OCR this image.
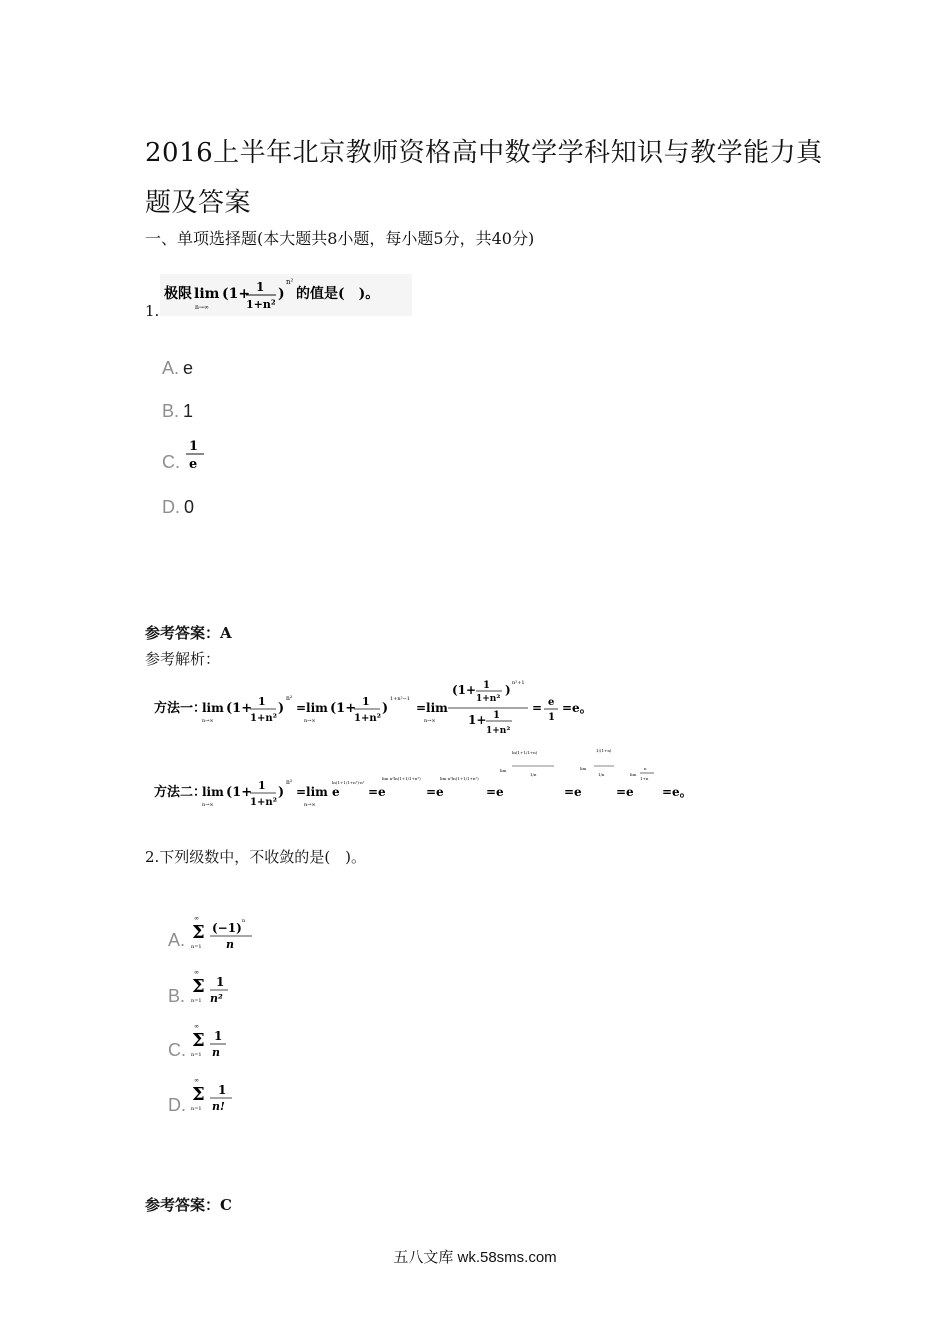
2016上半年北京教师资格高中数学学科知识与教学能力真题及答案
一、单项选择题(本大题共8小题，每小题5分，共40分)
1.
极限 lim
n→∞
(1+ 1
1+n²
)
n²
的值是(　)。
A. e
B. 1
C.
1
e
D. 0
参考答案：A
参考解析：
方法一：
lim
n→∞
(1+ 1
1+n²
)
n²
=lim
n→∞
(1+ 1
1+n²
)
1+n²−1
=lim
n→∞
(1+ 1
1+n²
) n²+1
1+ 1
1+n²
= e
1
=e。
方法二：
lim
n→∞
(1+ 1
1+n²
)
n²
=lim e
n→∞
ln(1+1/1+n²)·n²
=e
lim n²ln(1+1/1+n²)
=e
lim n²ln(1+1/1+n²)
=e
lim
ln(1+1/1+n)
1/n
=e
lim
1/(1+n)
1/n
=e
lim
n
1+n
=e。
2.下列级数中，不收敛的是(　)。
A.
∞
Σ
n=1
(−1) n
n
B.
∞
Σ
n=1
1
n²
C.
∞
Σ
n=1
1
n
D.
∞
Σ
n=1
1
n!
参考答案：C
五八文库 wk.58sms.com
